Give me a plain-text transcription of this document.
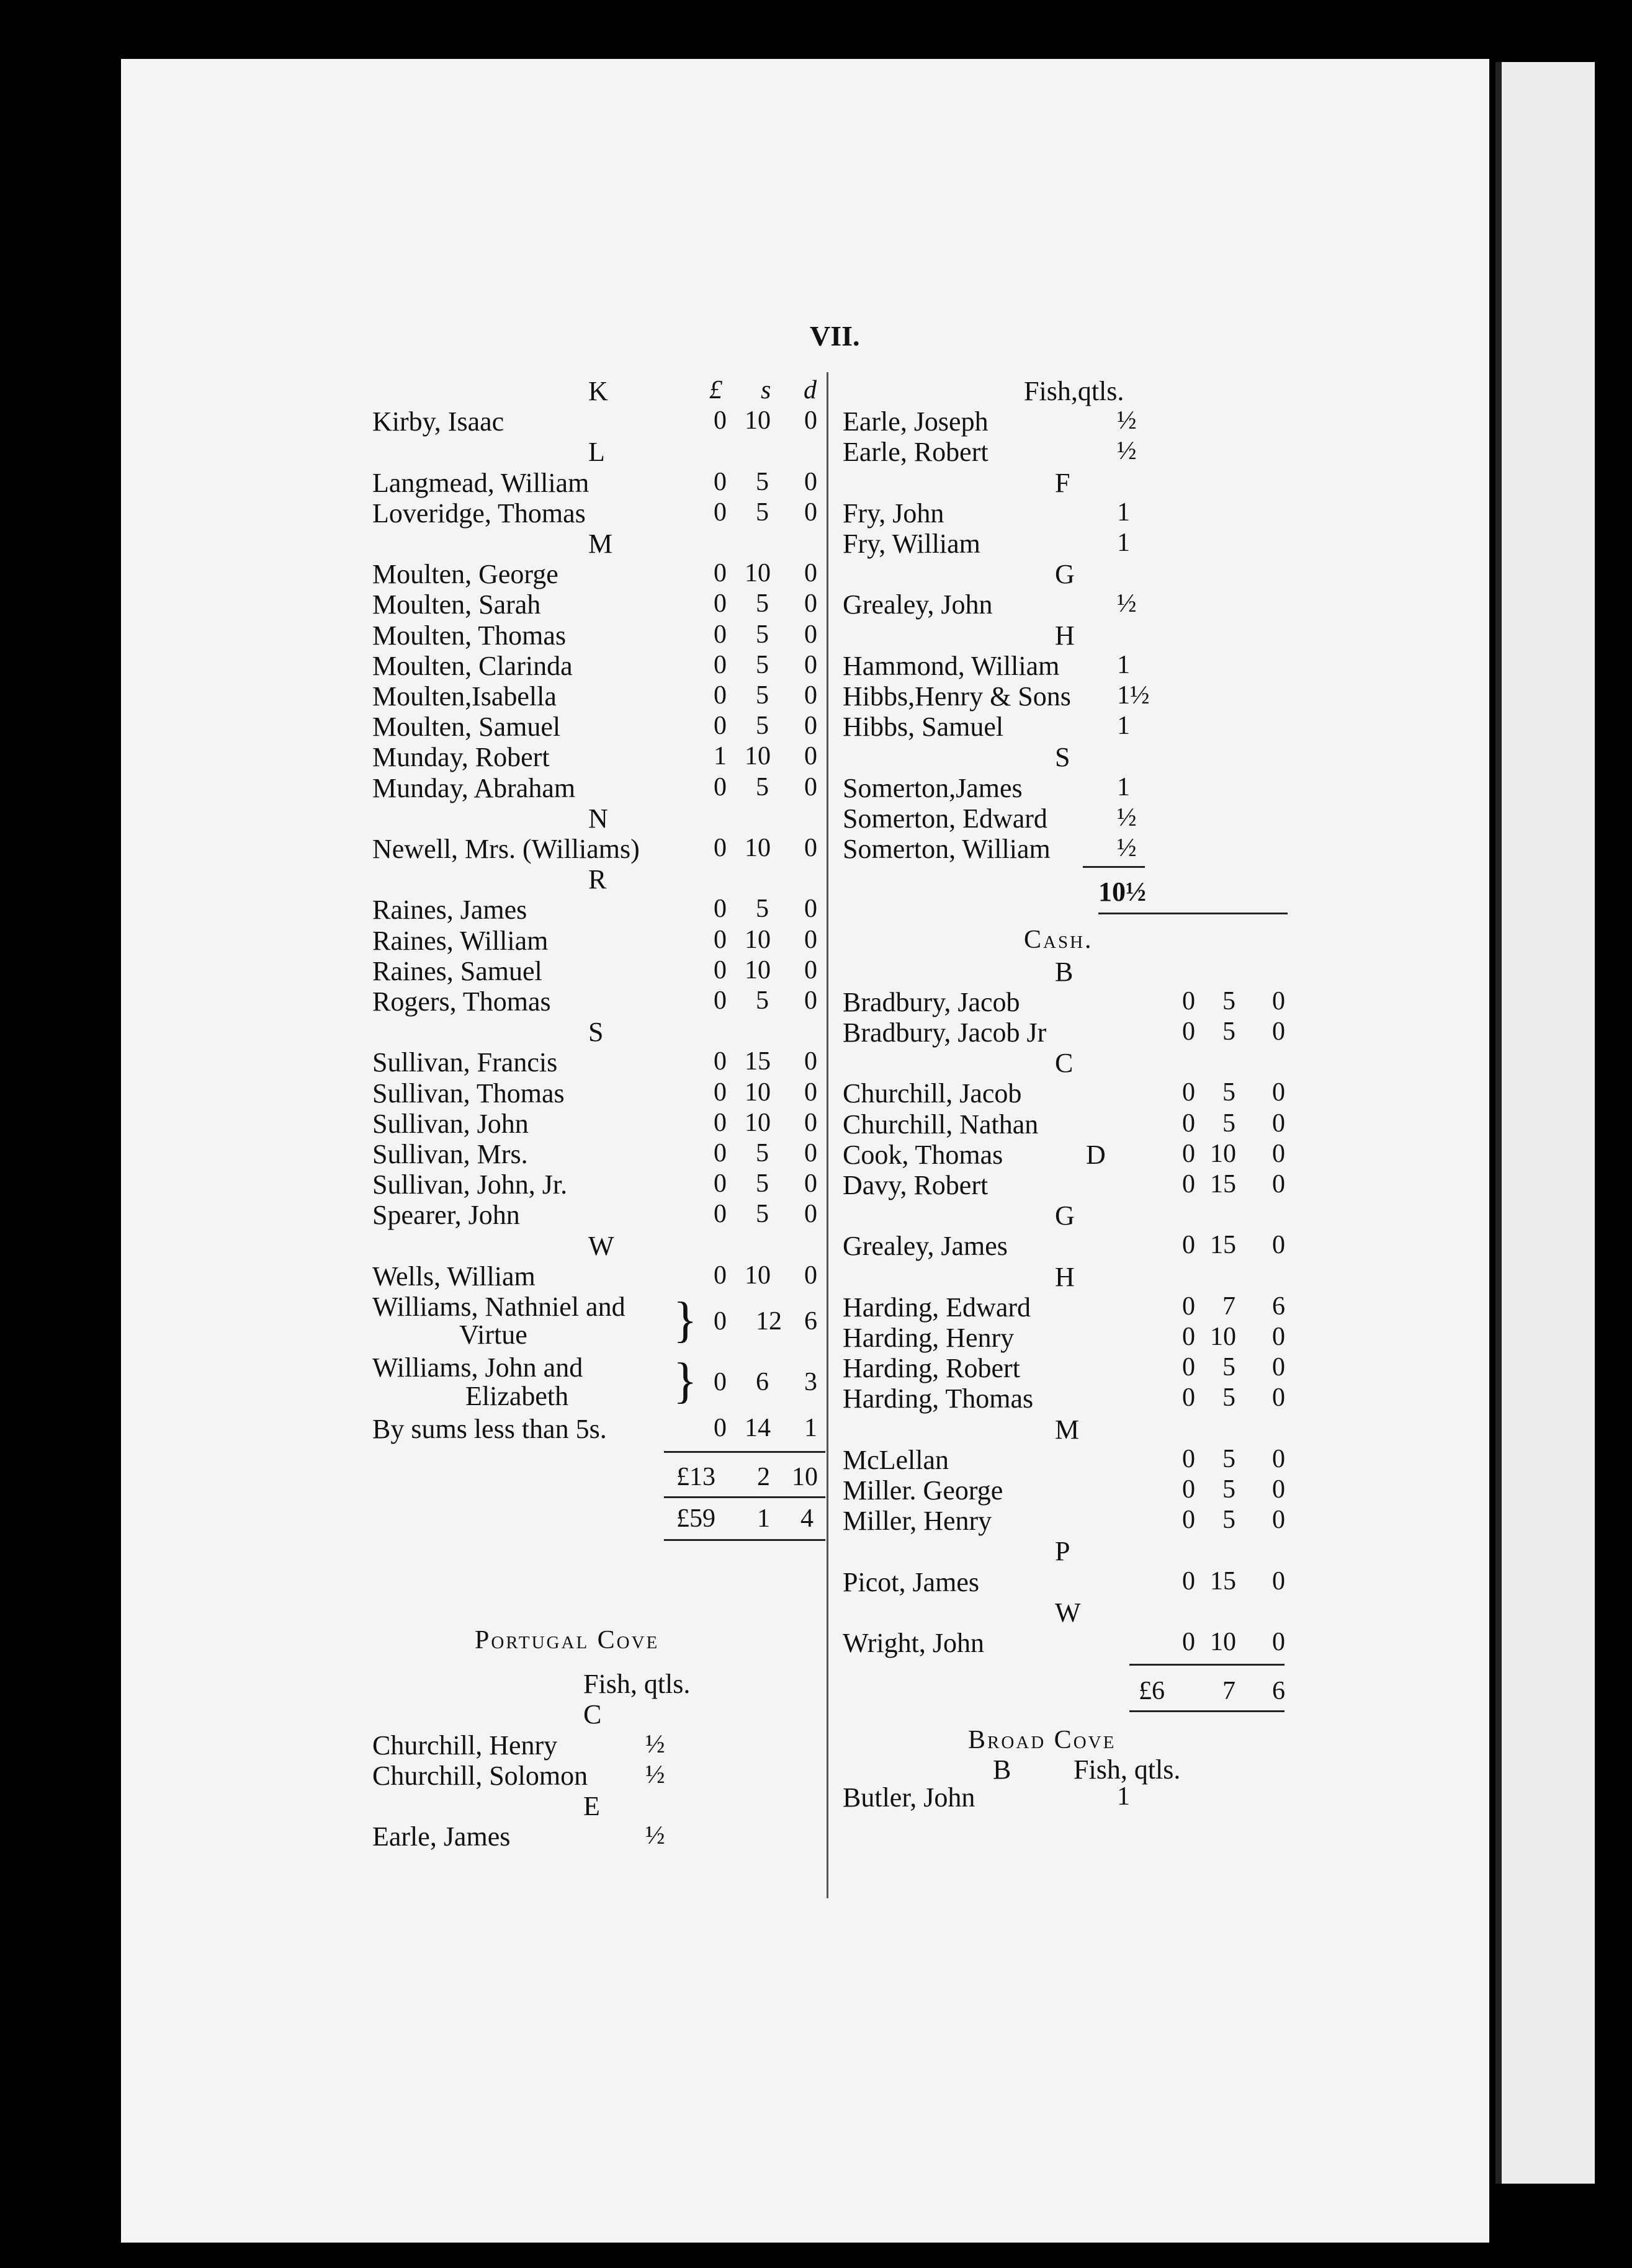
VII.
£ s d
K
Kirby, Isaac	0 10 0
L
Langmead, William	0 5 0
Loveridge, Thomas	0 5 0
M
Moulten, George	0 10 0
Moulten, Sarah	0 5 0
Moulten, Thomas	0 5 0
Moulten, Clarinda	0 5 0
Moulten,Isabella	0 5 0
Moulten, Samuel	0 5 0
Munday, Robert	1 10 0
Munday, Abraham	0 5 0
N
Newell, Mrs. (Williams)	0 10 0
R
Raines, James	0 5 0
Raines, William	0 10 0
Raines, Samuel	0 10 0
Rogers, Thomas	0 5 0
S
Sullivan, Francis	0 15 0
Sullivan, Thomas	0 10 0
Sullivan, John	0 10 0
Sullivan, Mrs.	0 5 0
Sullivan, John, Jr.	0 5 0
Spearer, John	0 5 0
W
Wells, William	0 10 0
Williams, Nathniel and
Virtue	} 0 12 6
Williams, John and
Elizabeth } 0 6 3
By sums less than 5s.	0 14 1
£13 2 10
£59 1 4
Portugal Cove
Fish, qtls.
C
Churchill, Henry	½
Churchill, Solomon ½
E
Earle, James	½
Fish,qtls.
Earle, Joseph	½
Earle, Robert	½
F
Fry, John	1
Fry, William	1
G
Grealey, John	½
H
Hammond, William 1
Hibbs,Henry & Sons 1½
Hibbs, Samuel	1
S
Somerton,James	1
Somerton, Edward	½
Somerton, William	½
10½
Cash.
B
Bradbury, Jacob	0 5 0
Bradbury, Jacob Jr	0 5 0
C
Churchill, Jacob	0 5 0
Churchill, Nathan	0 5 0
Cook, Thomas	D	0 10 0
Davy, Robert	0 15 0
G
Grealey, James	0 15 0
H
Harding, Edward	0 7 6
Harding, Henry	0 10 0
Harding, Robert	0 5 0
Harding, Thomas	0 5 0
M
McLellan	0 5 0
Miller. George	0 5 0
Miller, Henry	0 5 0
P
Picot, James	0 15 0
W
Wright, John	0 10 0
£6 7 6
Broad Cove
B Fish, qtls.
Butler, John	1
